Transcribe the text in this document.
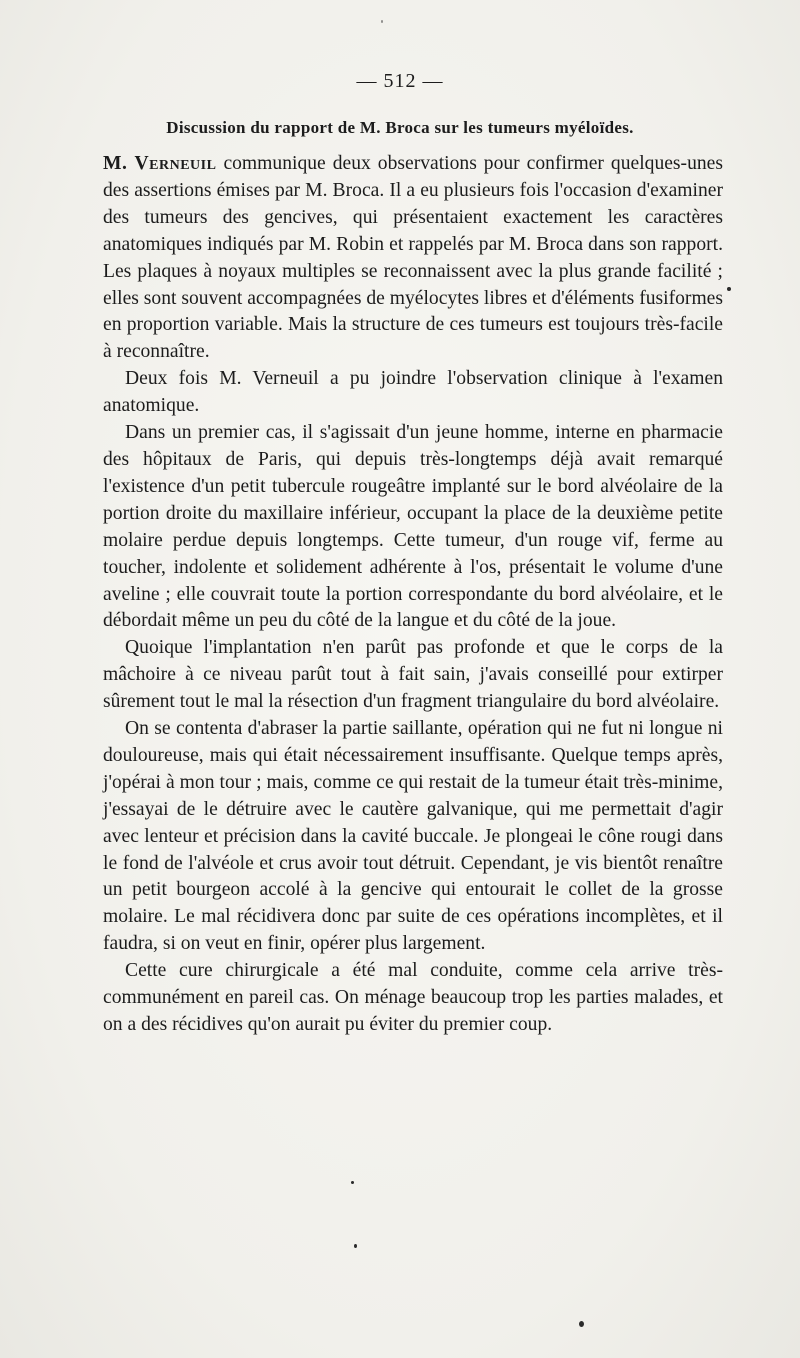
— 512 —
Discussion du rapport de M. Broca sur les tumeurs myéloïdes.

M. Verneuil communique deux observations pour confirmer quelques-unes des assertions émises par M. Broca. Il a eu plusieurs fois l'occasion d'examiner des tumeurs des gencives, qui présentaient exactement les caractères anatomiques indiqués par M. Robin et rappelés par M. Broca dans son rapport. Les plaques à noyaux multiples se reconnaissent avec la plus grande facilité ; elles sont souvent accompagnées de myélocytes libres et d'éléments fusiformes en proportion variable. Mais la structure de ces tumeurs est toujours très-facile à reconnaître.

Deux fois M. Verneuil a pu joindre l'observation clinique à l'examen anatomique.

Dans un premier cas, il s'agissait d'un jeune homme, interne en pharmacie des hôpitaux de Paris, qui depuis très-longtemps déjà avait remarqué l'existence d'un petit tubercule rougeâtre implanté sur le bord alvéolaire de la portion droite du maxillaire inférieur, occupant la place de la deuxième petite molaire perdue depuis longtemps. Cette tumeur, d'un rouge vif, ferme au toucher, indolente et solidement adhérente à l'os, présentait le volume d'une aveline ; elle couvrait toute la portion correspondante du bord alvéolaire, et le débordait même un peu du côté de la langue et du côté de la joue.

Quoique l'implantation n'en parût pas profonde et que le corps de la mâchoire à ce niveau parût tout à fait sain, j'avais conseillé pour extirper sûrement tout le mal la résection d'un fragment triangulaire du bord alvéolaire.

On se contenta d'abraser la partie saillante, opération qui ne fut ni longue ni douloureuse, mais qui était nécessairement insuffisante. Quelque temps après, j'opérai à mon tour ; mais, comme ce qui restait de la tumeur était très-minime, j'essayai de le détruire avec le cautère galvanique, qui me permettait d'agir avec lenteur et précision dans la cavité buccale. Je plongeai le cône rougi dans le fond de l'alvéole et crus avoir tout détruit. Cependant, je vis bientôt renaître un petit bourgeon accolé à la gencive qui entourait le collet de la grosse molaire. Le mal récidivera donc par suite de ces opérations incomplètes, et il faudra, si on veut en finir, opérer plus largement.

Cette cure chirurgicale a été mal conduite, comme cela arrive très-communément en pareil cas. On ménage beaucoup trop les parties malades, et on a des récidives qu'on aurait pu éviter du premier coup.
